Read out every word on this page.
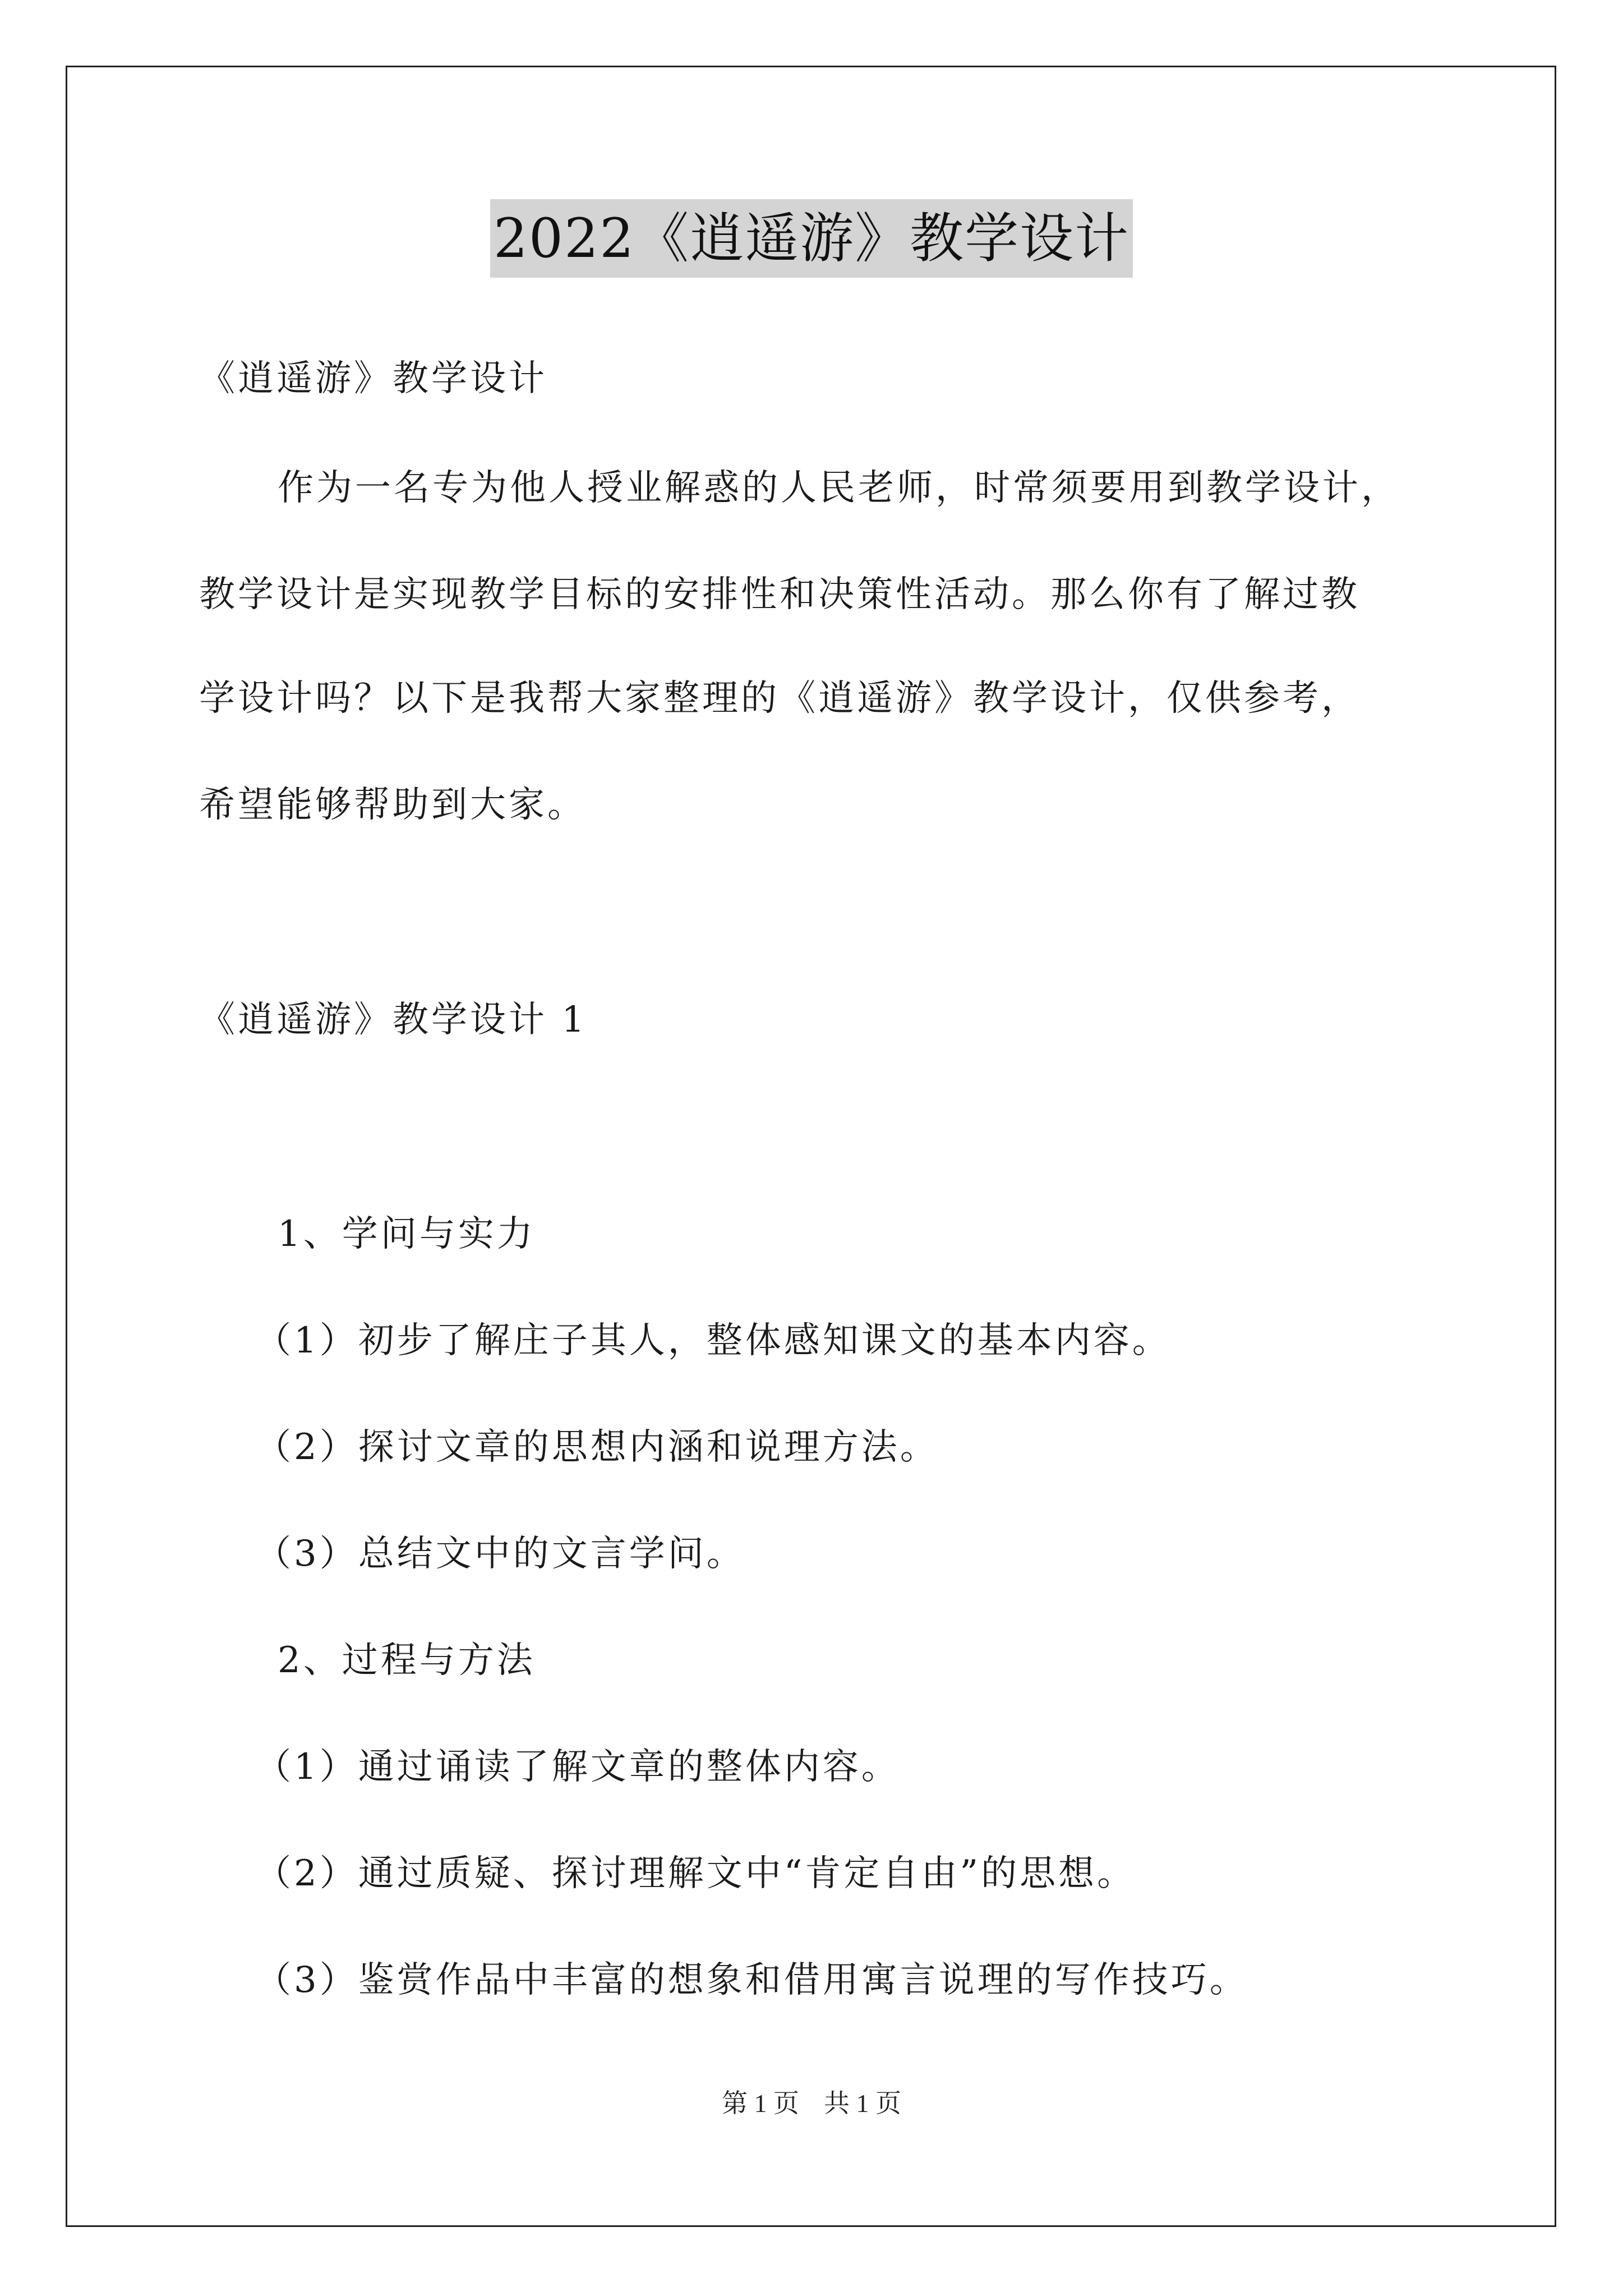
2022《逍遥游》教学设计
《逍遥游》教学设计
作为一名专为他人授业解惑的人民老师，时常须要用到教学设计，
教学设计是实现教学目标的安排性和决策性活动。那么你有了解过教
学设计吗？以下是我帮大家整理的《逍遥游》教学设计，仅供参考，
希望能够帮助到大家。
《逍遥游》教学设计 1
1、学问与实力
（1）初步了解庄子其人，整体感知课文的基本内容。
（2）探讨文章的思想内涵和说理方法。
（3）总结文中的文言学问。
2、过程与方法
（1）通过诵读了解文章的整体内容。
（2）通过质疑、探讨理解文中“肯定自由”的思想。
（3）鉴赏作品中丰富的想象和借用寓言说理的写作技巧。
第 1 页 共 1 页
